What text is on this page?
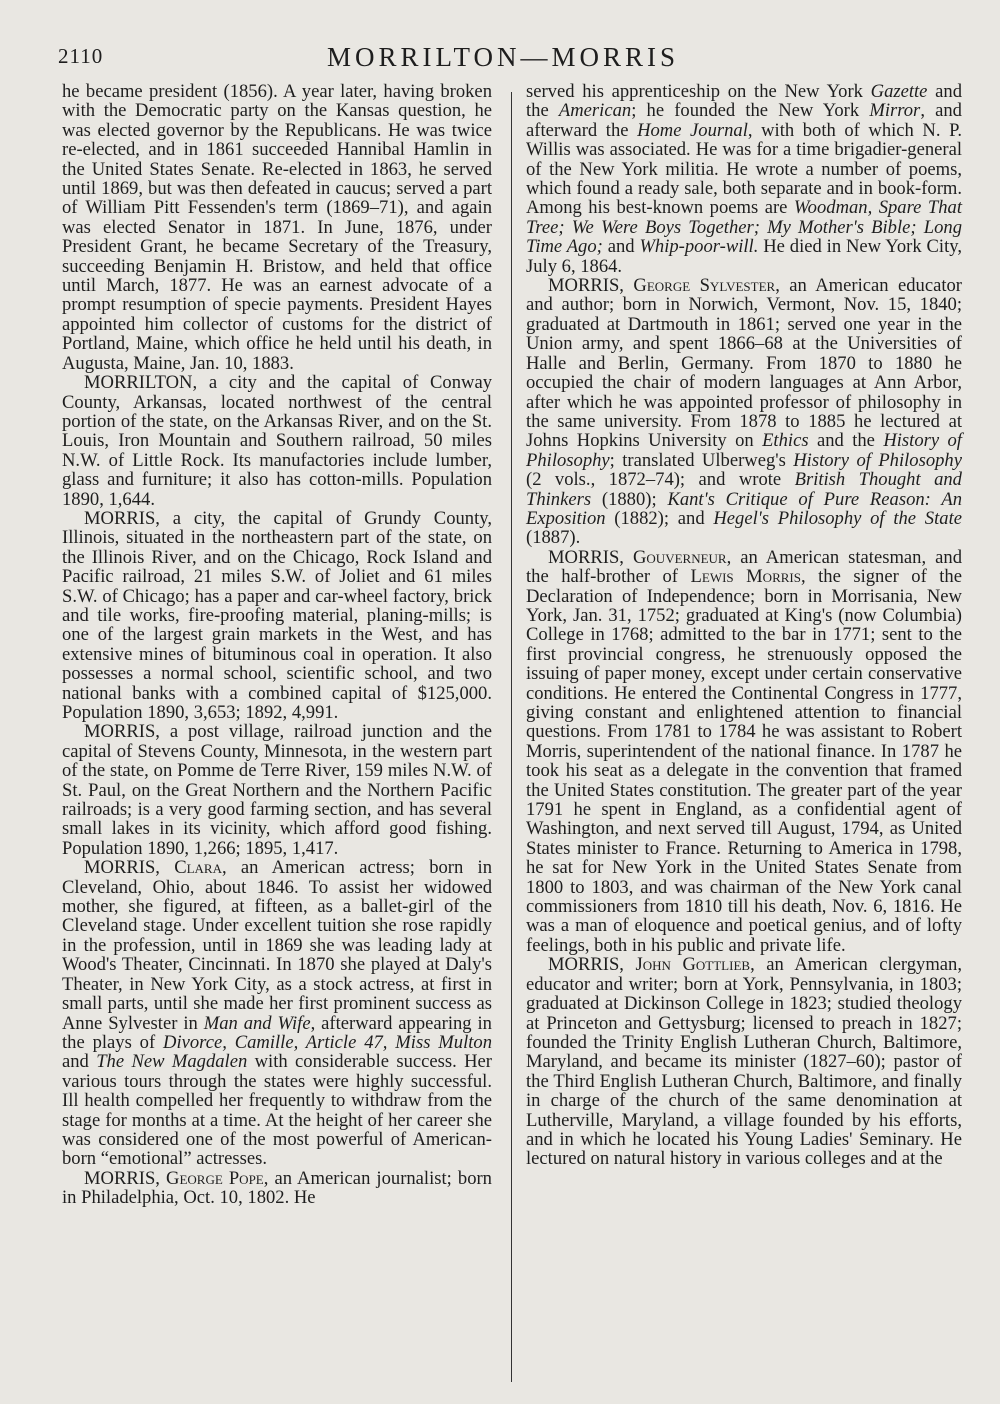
2110	MORRILTON—MORRIS

he became president (1856). A year later, having broken with the Democratic party on the Kansas question, he was elected governor by the Republicans. He was twice re-elected, and in 1861 succeeded Hannibal Hamlin in the United States Senate. Re-elected in 1863, he served until 1869, but was then defeated in caucus; served a part of William Pitt Fessenden's term (1869–71), and again was elected Senator in 1871. In June, 1876, under President Grant, he became Secretary of the Treasury, succeeding Benjamin H. Bristow, and held that office until March, 1877. He was an earnest advocate of a prompt resumption of specie payments. President Hayes appointed him collector of customs for the district of Portland, Maine, which office he held until his death, in Augusta, Maine, Jan. 10, 1883.

MORRILTON, a city and the capital of Conway County, Arkansas, located northwest of the central portion of the state, on the Arkansas River, and on the St. Louis, Iron Mountain and Southern railroad, 50 miles N.W. of Little Rock. Its manufactories include lumber, glass and furniture; it also has cotton-mills. Population 1890, 1,644.

MORRIS, a city, the capital of Grundy County, Illinois, situated in the northeastern part of the state, on the Illinois River, and on the Chicago, Rock Island and Pacific railroad, 21 miles S.W. of Joliet and 61 miles S.W. of Chicago; has a paper and car-wheel factory, brick and tile works, fire-proofing material, planing-mills; is one of the largest grain markets in the West, and has extensive mines of bituminous coal in operation. It also possesses a normal school, scientific school, and two national banks with a combined capital of $125,000. Population 1890, 3,653; 1892, 4,991.

MORRIS, a post village, railroad junction and the capital of Stevens County, Minnesota, in the western part of the state, on Pomme de Terre River, 159 miles N.W. of St. Paul, on the Great Northern and the Northern Pacific railroads; is a very good farming section, and has several small lakes in its vicinity, which afford good fishing. Population 1890, 1,266; 1895, 1,417.

MORRIS, Clara, an American actress; born in Cleveland, Ohio, about 1846. To assist her widowed mother, she figured, at fifteen, as a ballet-girl of the Cleveland stage. Under excellent tuition she rose rapidly in the profession, until in 1869 she was leading lady at Wood's Theater, Cincinnati. In 1870 she played at Daly's Theater, in New York City, as a stock actress, at first in small parts, until she made her first prominent success as Anne Sylvester in Man and Wife, afterward appearing in the plays of Divorce, Camille, Article 47, Miss Multon and The New Magdalen with considerable success. Her various tours through the states were highly successful. Ill health compelled her frequently to withdraw from the stage for months at a time. At the height of her career she was considered one of the most powerful of American-born “emotional” actresses.

MORRIS, George Pope, an American journalist; born in Philadelphia, Oct. 10, 1802. He

served his apprenticeship on the New York Gazette and the American; he founded the New York Mirror, and afterward the Home Journal, with both of which N. P. Willis was associated. He was for a time brigadier-general of the New York militia. He wrote a number of poems, which found a ready sale, both separate and in book-form. Among his best-known poems are Woodman, Spare That Tree; We Were Boys Together; My Mother's Bible; Long Time Ago; and Whip-poor-will. He died in New York City, July 6, 1864.

MORRIS, George Sylvester, an American educator and author; born in Norwich, Vermont, Nov. 15, 1840; graduated at Dartmouth in 1861; served one year in the Union army, and spent 1866–68 at the Universities of Halle and Berlin, Germany. From 1870 to 1880 he occupied the chair of modern languages at Ann Arbor, after which he was appointed professor of philosophy in the same university. From 1878 to 1885 he lectured at Johns Hopkins University on Ethics and the History of Philosophy; translated Ulberweg's History of Philosophy (2 vols., 1872–74); and wrote British Thought and Thinkers (1880); Kant's Critique of Pure Reason: An Exposition (1882); and Hegel's Philosophy of the State (1887).

MORRIS, Gouverneur, an American statesman, and the half-brother of Lewis Morris, the signer of the Declaration of Independence; born in Morrisania, New York, Jan. 31, 1752; graduated at King's (now Columbia) College in 1768; admitted to the bar in 1771; sent to the first provincial congress, he strenuously opposed the issuing of paper money, except under certain conservative conditions. He entered the Continental Congress in 1777, giving constant and enlightened attention to financial questions. From 1781 to 1784 he was assistant to Robert Morris, superintendent of the national finance. In 1787 he took his seat as a delegate in the convention that framed the United States constitution. The greater part of the year 1791 he spent in England, as a confidential agent of Washington, and next served till August, 1794, as United States minister to France. Returning to America in 1798, he sat for New York in the United States Senate from 1800 to 1803, and was chairman of the New York canal commissioners from 1810 till his death, Nov. 6, 1816. He was a man of eloquence and poetical genius, and of lofty feelings, both in his public and private life.

MORRIS, John Gottlieb, an American clergyman, educator and writer; born at York, Pennsylvania, in 1803; graduated at Dickinson College in 1823; studied theology at Princeton and Gettysburg; licensed to preach in 1827; founded the Trinity English Lutheran Church, Baltimore, Maryland, and became its minister (1827–60); pastor of the Third English Lutheran Church, Baltimore, and finally in charge of the church of the same denomination at Lutherville, Maryland, a village founded by his efforts, and in which he located his Young Ladies' Seminary. He lectured on natural history in various colleges and at the
